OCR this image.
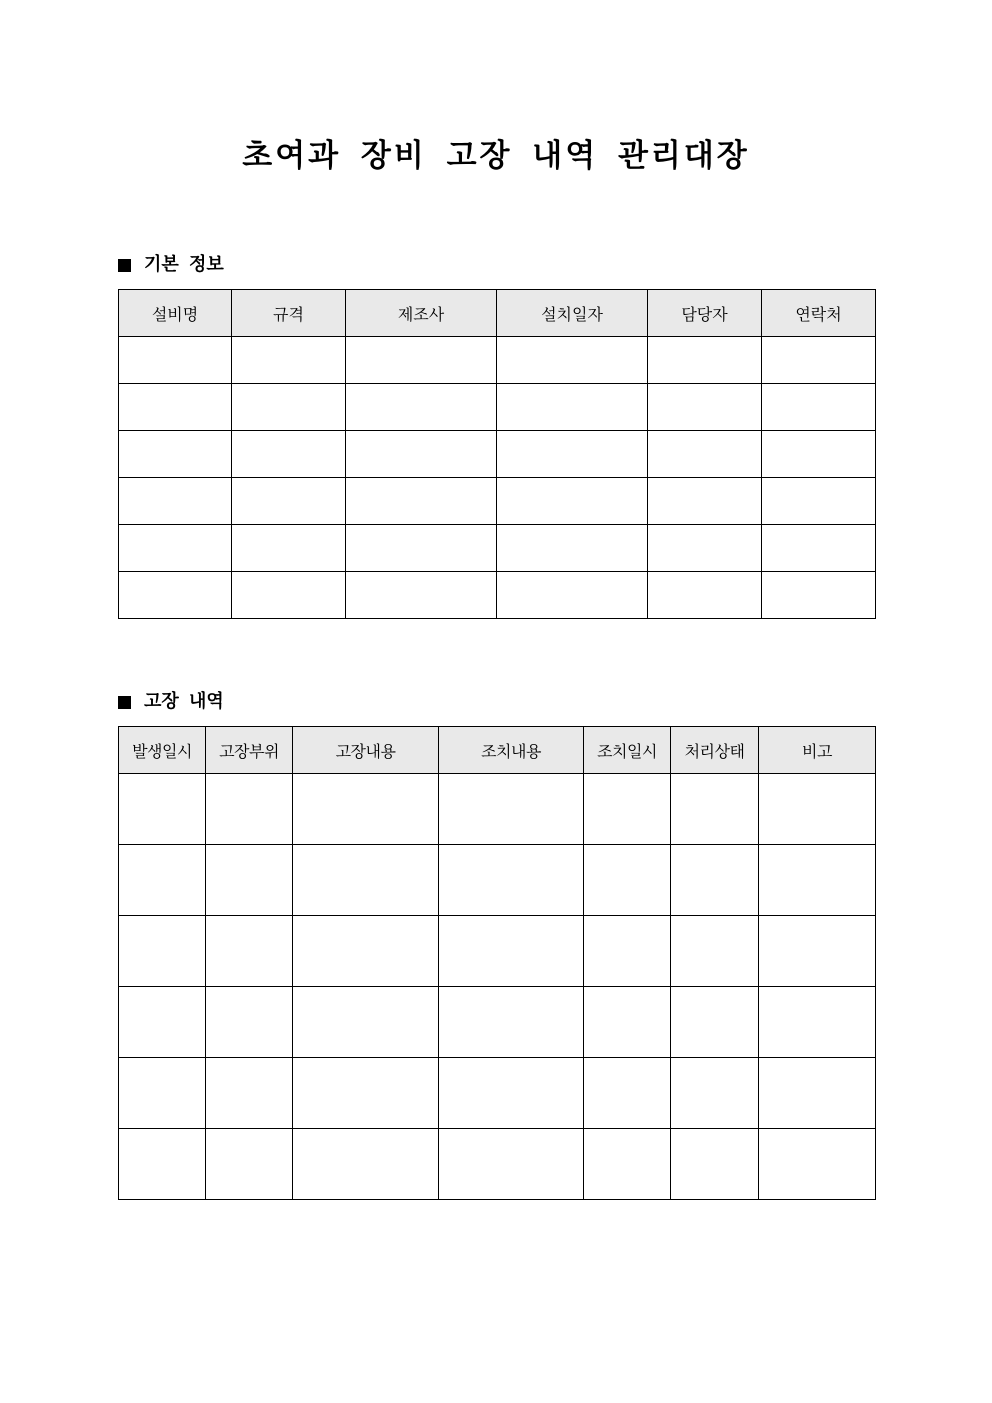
초여과 장비 고장 내역 관리대장
기본 정보
설비명	규격	제조사	설치일자	담당자	연락처

고장 내역
발생일시	고장부위	고장내용	조치내용	조치일시	처리상태	비고
